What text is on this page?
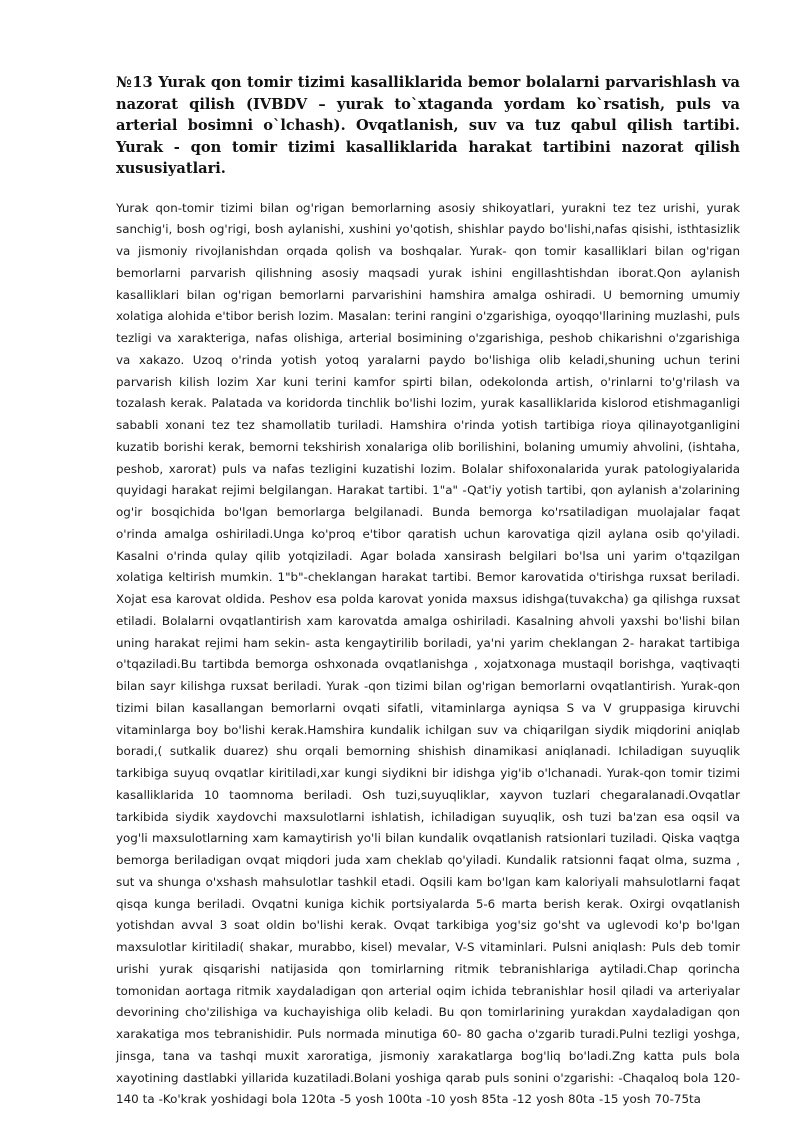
№13 Yurak qon tomir tizimi kasalliklarida bemor bolalarni parvarishlash va nazorat qilish (IVBDV – yurak to`xtaganda yordam ko`rsatish, puls va arterial bosimni o`lchash). Ovqatlanish, suv va tuz qabul qilish tartibi. Yurak - qon tomir tizimi kasalliklarida harakat tartibini nazorat qilish xususiyatlari.

Yurak qon-tomir tizimi bilan og'rigan bemorlarning asosiy shikoyatlari, yurakni tez tez urishi, yurak sanchig'i, bosh og'rigi, bosh aylanishi, xushini yo'qotish, shishlar paydo bo'lishi,nafas qisishi, isthtasizlik va jismoniy rivojlanishdan orqada qolish va boshqalar. Yurak- qon tomir kasalliklari bilan og'rigan bemorlarni parvarish qilishning asosiy maqsadi yurak ishini engillashtishdan iborat.Qon aylanish kasalliklari bilan og'rigan bemorlarni parvarishini hamshira amalga oshiradi. U bemorning umumiy xolatiga alohida e'tibor berish lozim. Masalan: terini rangini o'zgarishiga, oyoqqo'llarining muzlashi, puls tezligi va xarakteriga, nafas olishiga, arterial bosimining o'zgarishiga, peshob chikarishni o'zgarishiga va xakazo. Uzoq o'rinda yotish yotoq yaralarni paydo bo'lishiga olib keladi,shuning uchun terini parvarish kilish lozim Xar kuni terini kamfor spirti bilan, odekolonda artish, o'rinlarni to'g'rilash va tozalash kerak. Palatada va koridorda tinchlik bo'lishi lozim, yurak kasalliklarida kislorod etishmaganligi sababli xonani tez tez shamollatib turiladi. Hamshira o'rinda yotish tartibiga rioya qilinayotganligini kuzatib borishi kerak, bemorni tekshirish xonalariga olib borilishini, bolaning umumiy ahvolini, (ishtaha, peshob, xarorat) puls va nafas tezligini kuzatishi lozim. Bolalar shifoxonalarida yurak patologiyalarida quyidagi harakat rejimi belgilangan. Harakat tartibi. 1"a" -Qat'iy yotish tartibi, qon aylanish a'zolarining og'ir bosqichida bo'lgan bemorlarga belgilanadi. Bunda bemorga ko'rsatiladigan muolajalar faqat o'rinda amalga oshiriladi.Unga ko'proq e'tibor qaratish uchun karovatiga qizil aylana osib qo'yiladi. Kasalni o'rinda qulay qilib yotqiziladi. Agar bolada xansirash belgilari bo'lsa uni yarim o'tqazilgan xolatiga keltirish mumkin. 1"b"-cheklangan harakat tartibi. Bemor karovatida o'tirishga ruxsat beriladi. Xojat esa karovat oldida. Peshov esa polda karovat yonida maxsus idishga(tuvakcha) ga qilishga ruxsat etiladi. Bolalarni ovqatlantirish xam karovatda amalga oshiriladi. Kasalning ahvoli yaxshi bo'lishi bilan uning harakat rejimi ham sekin- asta kengaytirilib boriladi, ya'ni yarim cheklangan 2- harakat tartibiga o'tqaziladi.Bu tartibda bemorga oshxonada ovqatlanishga , xojatxonaga mustaqil borishga, vaqtivaqti bilan sayr kilishga ruxsat beriladi. Yurak -qon tizimi bilan og'rigan bemorlarni ovqatlantirish. Yurak-qon tizimi bilan kasallangan bemorlarni ovqati sifatli, vitaminlarga ayniqsa S va V gruppasiga kiruvchi vitaminlarga boy bo'lishi kerak.Hamshira kundalik ichilgan suv va chiqarilgan siydik miqdorini aniqlab boradi,( sutkalik duarez) shu orqali bemorning shishish dinamikasi aniqlanadi. Ichiladigan suyuqlik tarkibiga suyuq ovqatlar kiritiladi,xar kungi siydikni bir idishga yig'ib o'lchanadi. Yurak-qon tomir tizimi kasalliklarida 10 taomnoma beriladi. Osh tuzi,suyuqliklar, xayvon tuzlari chegaralanadi.Ovqatlar tarkibida siydik xaydovchi maxsulotlarni ishlatish, ichiladigan suyuqlik, osh tuzi ba'zan esa oqsil va yog'li maxsulotlarning xam kamaytirish yo'li bilan kundalik ovqatlanish ratsionlari tuziladi. Qiska vaqtga bemorga beriladigan ovqat miqdori juda xam cheklab qo'yiladi. Kundalik ratsionni faqat olma, suzma , sut va shunga o'xshash mahsulotlar tashkil etadi. Oqsili kam bo'lgan kam kaloriyali mahsulotlarni faqat qisqa kunga beriladi. Ovqatni kuniga kichik portsiyalarda 5-6 marta berish kerak. Oxirgi ovqatlanish yotishdan avval 3 soat oldin bo'lishi kerak. Ovqat tarkibiga yog'siz go'sht va uglevodi ko'p bo'lgan maxsulotlar kiritiladi( shakar, murabbo, kisel) mevalar, V-S vitaminlari. Pulsni aniqlash: Puls deb tomir urishi yurak qisqarishi natijasida qon tomirlarning ritmik tebranishlariga aytiladi.Chap qorincha tomonidan aortaga ritmik xaydaladigan qon arterial oqim ichida tebranishlar hosil qiladi va arteriyalar devorining cho'zilishiga va kuchayishiga olib keladi. Bu qon tomirlarining yurakdan xaydaladigan qon xarakatiga mos tebranishidir. Puls normada minutiga 60- 80 gacha o'zgarib turadi.Pulni tezligi yoshga, jinsga, tana va tashqi muxit xaroratiga, jismoniy xarakatlarga bog'liq bo'ladi.Zng katta puls bola xayotining dastlabki yillarida kuzatiladi.Bolani yoshiga qarab puls sonini o'zgarishi: -Chaqaloq bola 120-140 ta -Ko'krak yoshidagi bola 120ta -5 yosh 100ta -10 yosh 85ta -12 yosh 80ta -15 yosh 70-75ta
